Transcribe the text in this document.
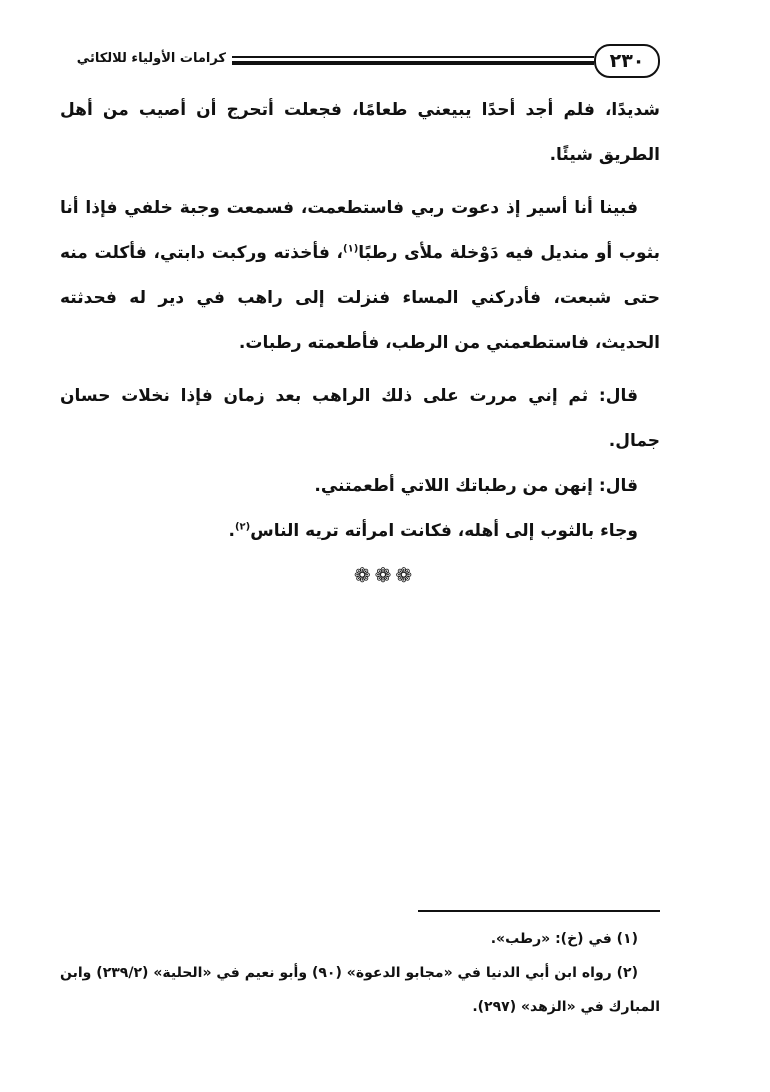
٢٣٠
كرامات الأولياء للالكائي

شديدًا، فلم أجد أحدًا يبيعني طعامًا، فجعلت أتحرج أن أصيب من أهل الطريق شيئًا.

فبينا أنا أسير إذ دعوت ربي فاستطعمت، فسمعت وجبة خلفي فإذا أنا بثوب أو منديل فيه دَوْخلة ملأى رطبًا$^{(١)}$، فأخذته وركبت دابتي، فأكلت منه حتى شبعت، فأدركني المساء فنزلت إلى راهب في دير له فحدثته الحديث، فاستطعمني من الرطب، فأطعمته رطبات.

قال: ثم إني مررت على ذلك الراهب بعد زمان فإذا نخلات حسان جمال.

قال: إنهن من رطباتك اللاتي أطعمتني.

وجاء بالثوب إلى أهله، فكانت امرأته تريه الناس$^{(٢)}$.

❁❁❁

(١) في (خ): «رطب».

(٢) رواه ابن أبي الدنيا في «مجابو الدعوة» (٩٠) وأبو نعيم في «الحلية» (٢٣٩/٢) وابن المبارك في «الزهد» (٢٩٧).
